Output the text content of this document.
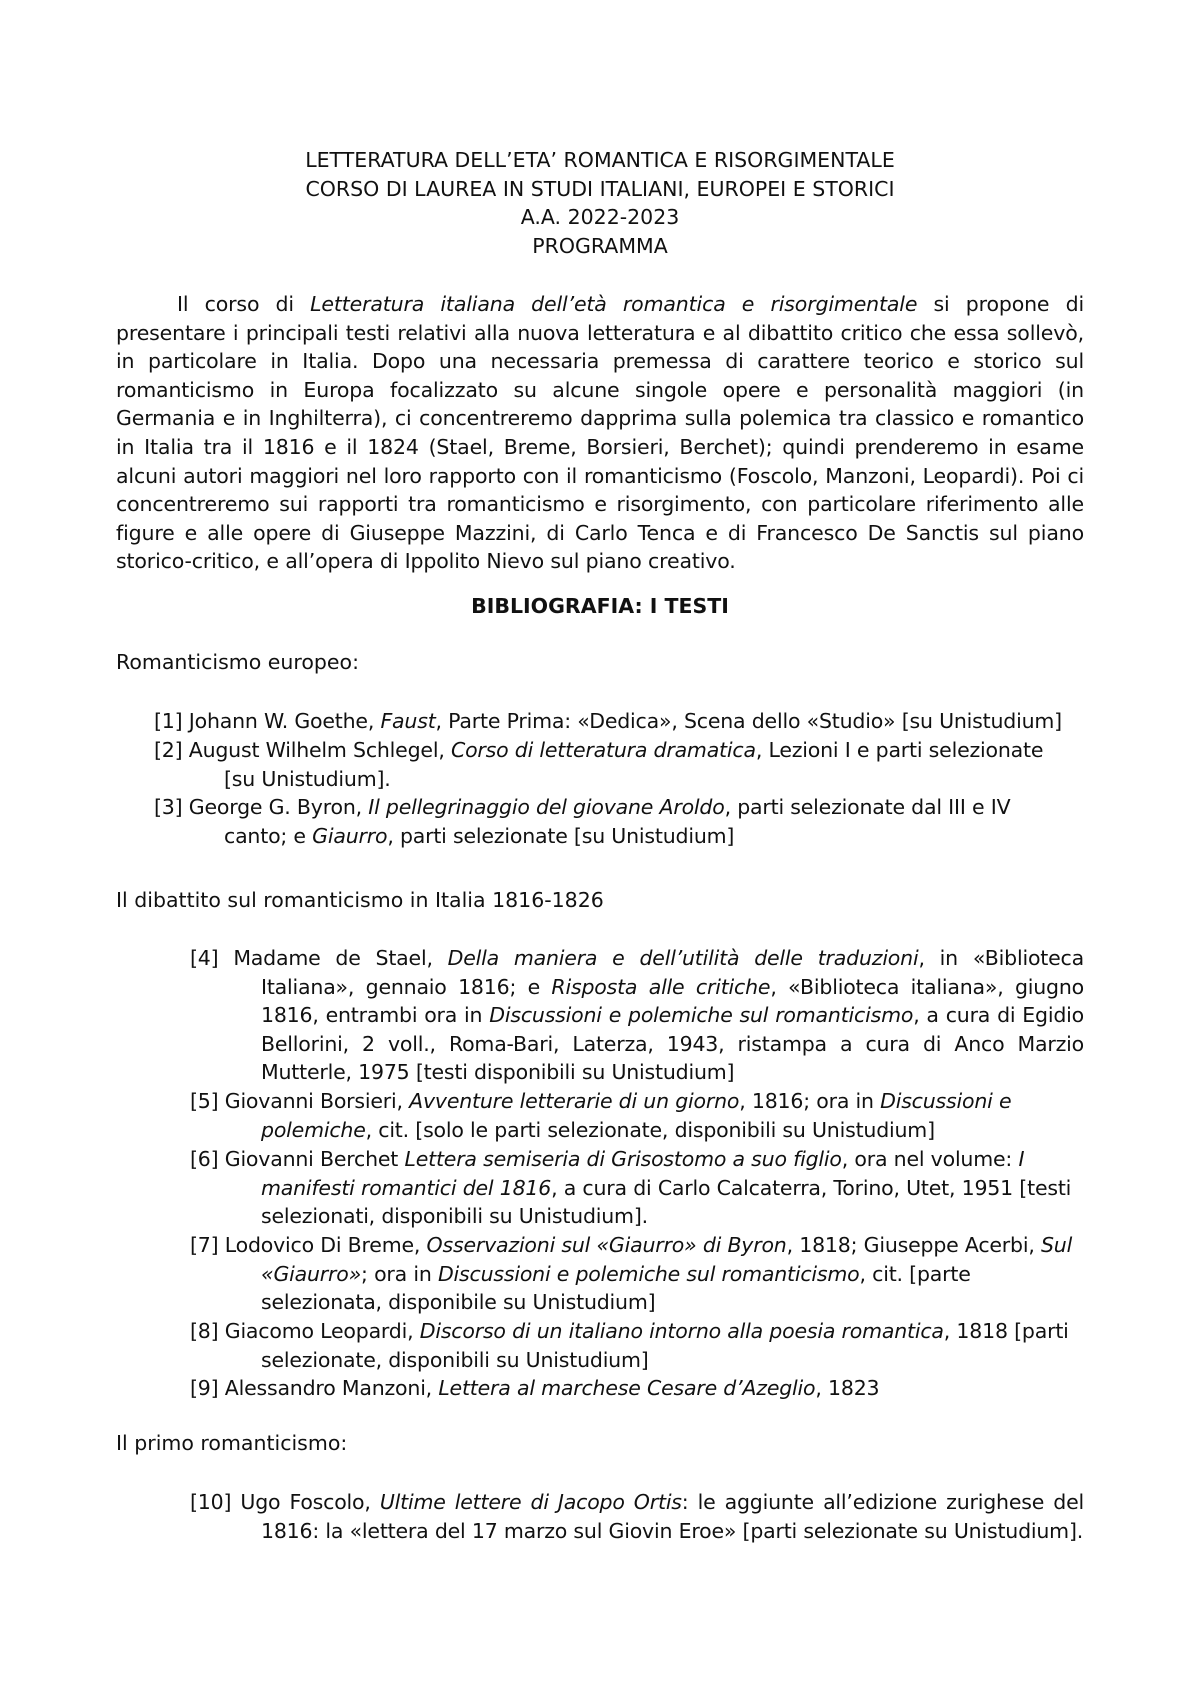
LETTERATURA DELL’ETA’ ROMANTICA E RISORGIMENTALE
CORSO DI LAUREA IN STUDI ITALIANI, EUROPEI E STORICI
A.A. 2022-2023
PROGRAMMA
Il corso di Letteratura italiana dell’età romantica e risorgimentale si propone di presentare i principali testi relativi alla nuova letteratura e al dibattito critico che essa sollevò, in particolare in Italia. Dopo una necessaria premessa di carattere teorico e storico sul romanticismo in Europa focalizzato su alcune singole opere e personalità maggiori (in Germania e in Inghilterra), ci concentreremo dapprima sulla polemica tra classico e romantico in Italia tra il 1816 e il 1824 (Stael, Breme, Borsieri, Berchet); quindi prenderemo in esame alcuni autori maggiori nel loro rapporto con il romanticismo (Foscolo, Manzoni, Leopardi). Poi ci concentreremo sui rapporti tra romanticismo e risorgimento, con particolare riferimento alle figure e alle opere di Giuseppe Mazzini, di Carlo Tenca e di Francesco De Sanctis sul piano storico-critico, e all’opera di Ippolito Nievo sul piano creativo.
BIBLIOGRAFIA: I TESTI
Romanticismo europeo:
[1] Johann W. Goethe, Faust, Parte Prima: «Dedica», Scena dello «Studio» [su Unistudium]
[2] August Wilhelm Schlegel, Corso di letteratura dramatica, Lezioni I e parti selezionate [su Unistudium].
[3] George G. Byron, Il pellegrinaggio del giovane Aroldo, parti selezionate dal III e IV canto; e Giaurro, parti selezionate [su Unistudium]
Il dibattito sul romanticismo in Italia 1816-1826
[4] Madame de Stael, Della maniera e dell’utilità delle traduzioni, in «Biblioteca Italiana», gennaio 1816; e Risposta alle critiche, «Biblioteca italiana», giugno 1816, entrambi ora in Discussioni e polemiche sul romanticismo, a cura di Egidio Bellorini, 2 voll., Roma-Bari, Laterza, 1943, ristampa a cura di Anco Marzio Mutterle, 1975 [testi disponibili su Unistudium]
[5] Giovanni Borsieri, Avventure letterarie di un giorno, 1816; ora in Discussioni e polemiche, cit. [solo le parti selezionate, disponibili su Unistudium]
[6] Giovanni Berchet Lettera semiseria di Grisostomo a suo figlio, ora nel volume: I manifesti romantici del 1816, a cura di Carlo Calcaterra, Torino, Utet, 1951 [testi selezionati, disponibili su Unistudium].
[7] Lodovico Di Breme, Osservazioni sul «Giaurro» di Byron, 1818; Giuseppe Acerbi, Sul «Giaurro»; ora in Discussioni e polemiche sul romanticismo, cit. [parte selezionata, disponibile su Unistudium]
[8] Giacomo Leopardi, Discorso di un italiano intorno alla poesia romantica, 1818 [parti selezionate, disponibili su Unistudium]
[9] Alessandro Manzoni, Lettera al marchese Cesare d’Azeglio, 1823
Il primo romanticismo:
[10] Ugo Foscolo, Ultime lettere di Jacopo Ortis: le aggiunte all’edizione zurighese del 1816: la «lettera del 17 marzo sul Giovin Eroe» [parti selezionate su Unistudium].
